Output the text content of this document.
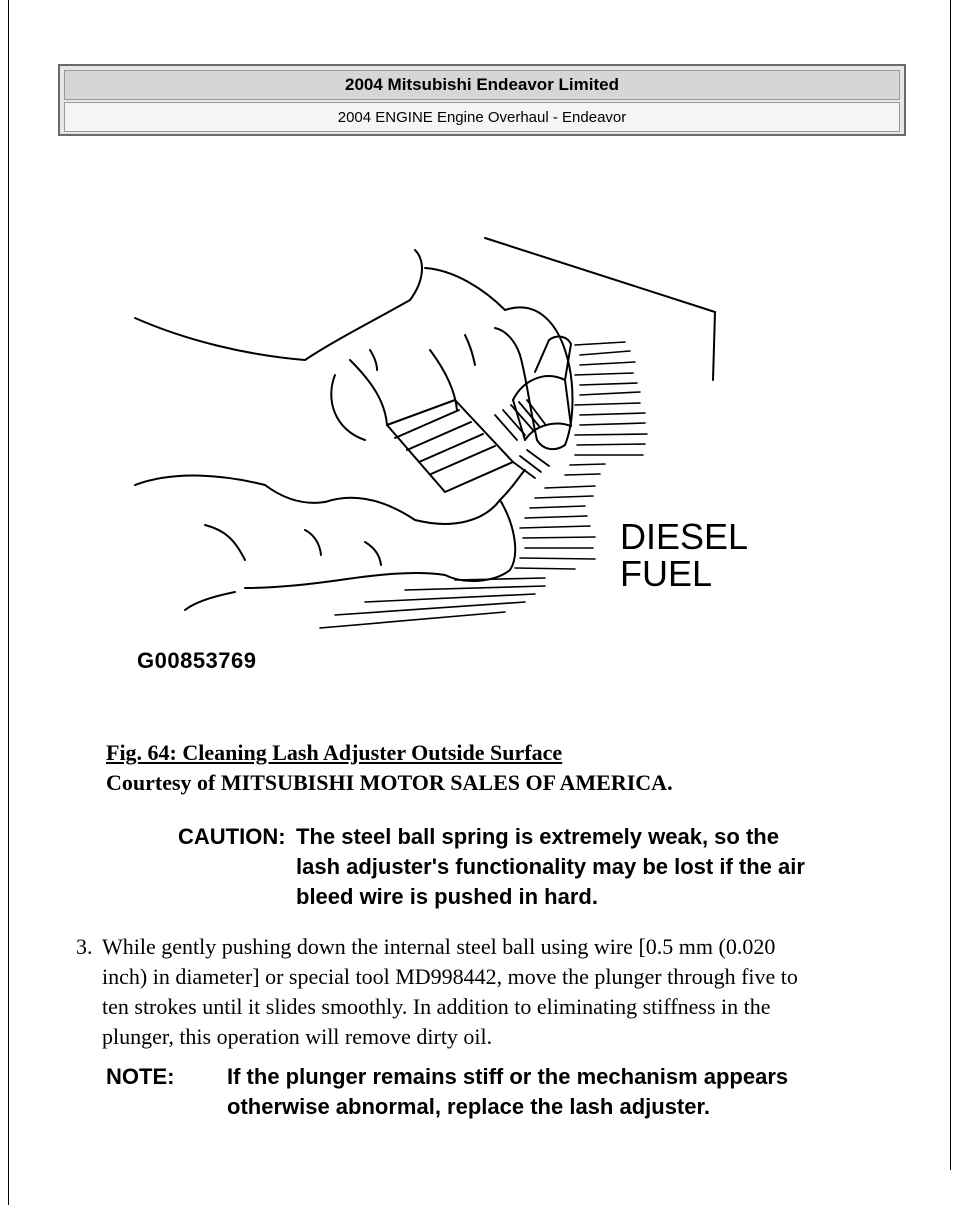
2004 Mitsubishi Endeavor Limited
2004 ENGINE Engine Overhaul - Endeavor
DIESEL
FUEL
G00853769
Fig. 64: Cleaning Lash Adjuster Outside Surface
Courtesy of MITSUBISHI MOTOR SALES OF AMERICA.
CAUTION: The steel ball spring is extremely weak, so the
lash adjuster's functionality may be lost if the air
bleed wire is pushed in hard.
3. While gently pushing down the internal steel ball using wire [0.5 mm (0.020
inch) in diameter] or special tool MD998442, move the plunger through five to
ten strokes until it slides smoothly. In addition to eliminating stiffness in the
plunger, this operation will remove dirty oil.
NOTE: If the plunger remains stiff or the mechanism appears
otherwise abnormal, replace the lash adjuster.
